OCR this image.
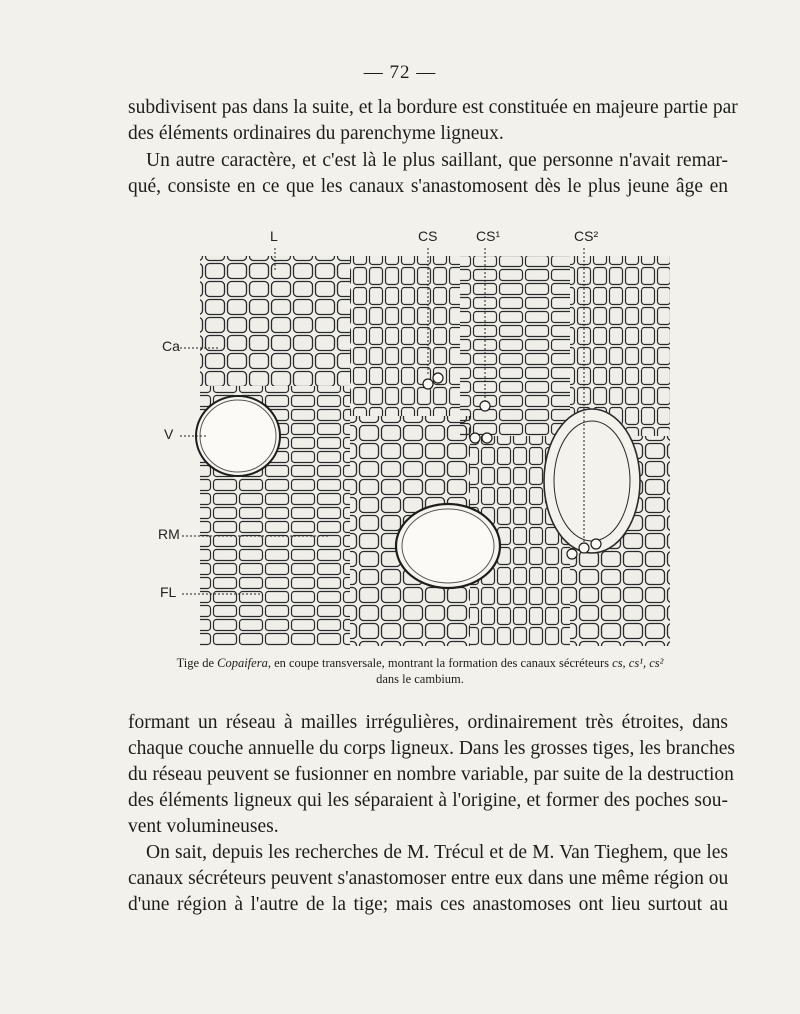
— 72 —
subdivisent pas dans la suite, et la bordure est constituée en majeure partie par
des éléments ordinaires du parenchyme ligneux.
Un autre caractère, et c'est là le plus saillant, que personne n'avait remar-
qué, consiste en ce que les canaux s'anastomosent dès le plus jeune âge en
L	CS	CS¹	CS²
Ca
V
RM
FL
Tige de Copaifera, en coupe transversale, montrant la formation des canaux sécréteurs cs, cs¹, cs²
dans le cambium.
formant un réseau à mailles irrégulières, ordinairement très étroites, dans
chaque couche annuelle du corps ligneux. Dans les grosses tiges, les branches
du réseau peuvent se fusionner en nombre variable, par suite de la destruction
des éléments ligneux qui les séparaient à l'origine, et former des poches sou-
vent volumineuses.
On sait, depuis les recherches de M. Trécul et de M. Van Tieghem, que les
canaux sécréteurs peuvent s'anastomoser entre eux dans une même région ou
d'une région à l'autre de la tige; mais ces anastomoses ont lieu surtout au
